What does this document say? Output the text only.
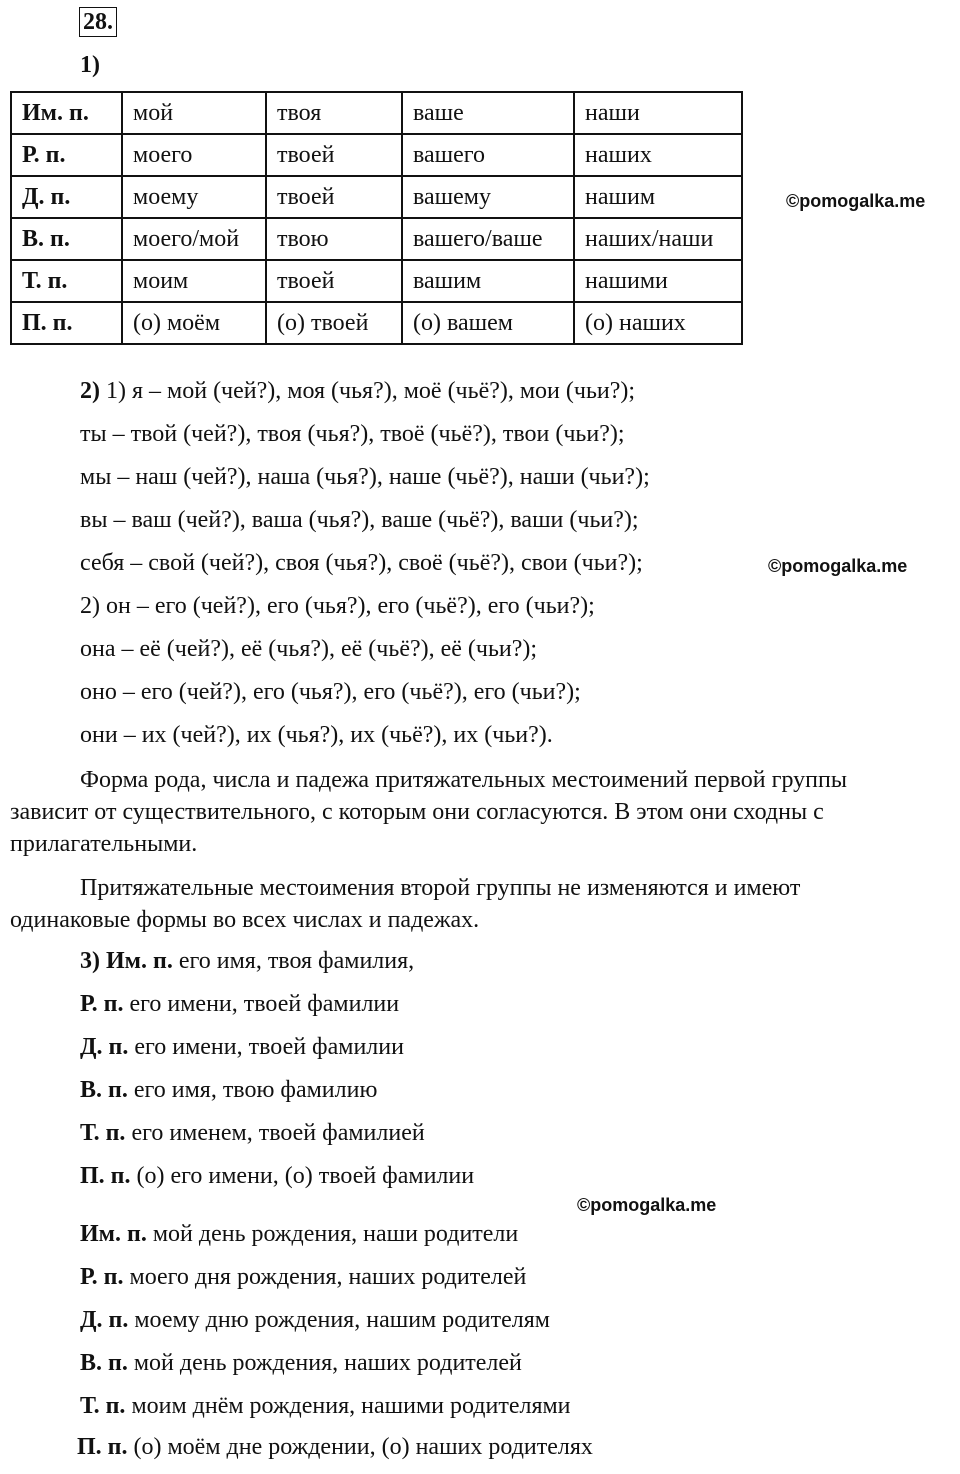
28.
1)
Им. п.	мой	твоя	ваше	наши
Р. п.	моего	твоей	вашего	наших
Д. п.	моему	твоей	вашему	нашим
В. п.	моего/мой	твою	вашего/ваше	наших/наши
Т. п.	моим	твоей	вашим	нашими
П. п.	(о) моём	(о) твоей	(о) вашем	(о) наших
©pomogalka.me
2) 1) я – мой (чей?), моя (чья?), моё (чьё?), мои (чьи?);
ты – твой (чей?), твоя (чья?), твоё (чьё?), твои (чьи?);
мы – наш (чей?), наша (чья?), наше (чьё?), наши (чьи?);
вы – ваш (чей?), ваша (чья?), ваше (чьё?), ваши (чьи?);
себя – свой (чей?), своя (чья?), своё (чьё?), свои (чьи?);	©pomogalka.me
2) он – его (чей?), его (чья?), его (чьё?), его (чьи?);
она – её (чей?), её (чья?), её (чьё?), её (чьи?);
оно – его (чей?), его (чья?), его (чьё?), его (чьи?);
они – их (чей?), их (чья?), их (чьё?), их (чьи?).
Форма рода, числа и падежа притяжательных местоимений первой группы зависит от существительного, с которым они согласуются. В этом они сходны с прилагательными.
Притяжательные местоимения второй группы не изменяются и имеют одинаковые формы во всех числах и падежах.
3) Им. п. его имя, твоя фамилия,
Р. п. его имени, твоей фамилии
Д. п. его имени, твоей фамилии
В. п. его имя, твою фамилию
Т. п. его именем, твоей фамилией
П. п. (о) его имени, (о) твоей фамилии
©pomogalka.me
Им. п. мой день рождения, наши родители
Р. п. моего дня рождения, наших родителей
Д. п. моему дню рождения, нашим родителям
В. п. мой день рождения, наших родителей
Т. п. моим днём рождения, нашими родителями
П. п. (о) моём дне рождении, (о) наших родителях
